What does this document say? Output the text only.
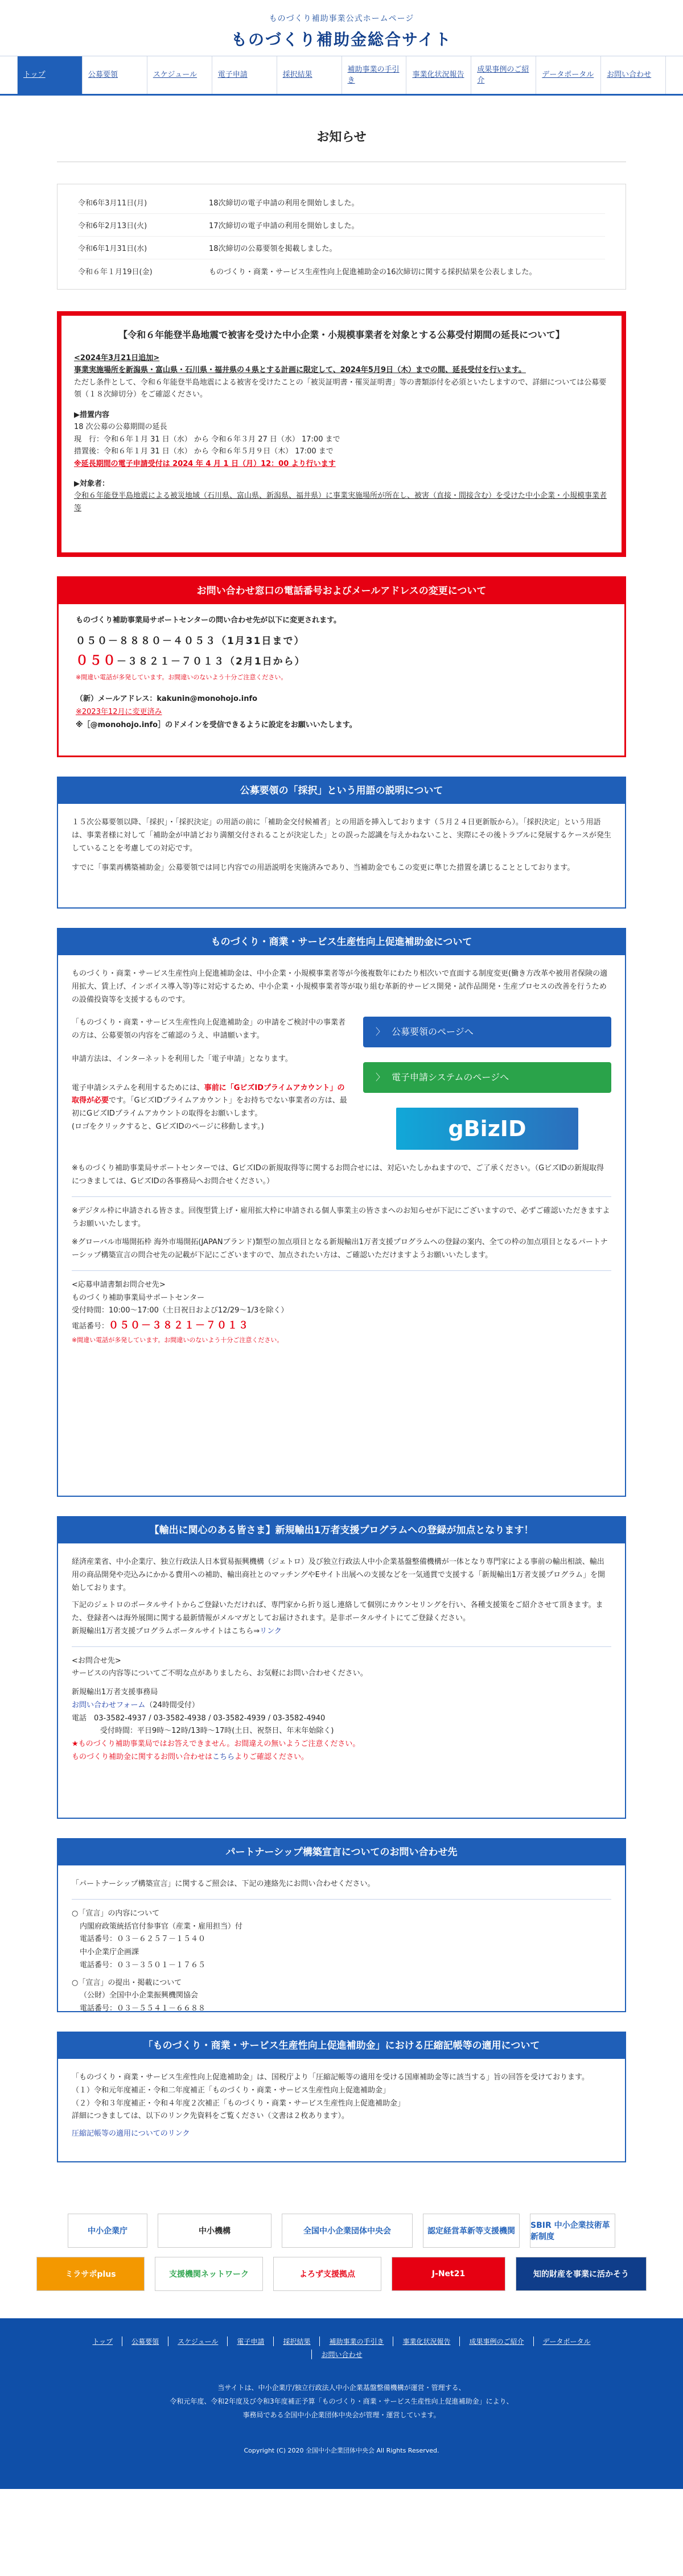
ものづくり補助事業公式ホームページ
ものづくり補助金総合サイト
トップ	公募要領	スケジュール	電子申請	採択結果
補助事業の手引き
事業化状況報告
成果事例のご紹介
データポータル	お問い合わせ
お知らせ
令和6年3月11日(月)	18次締切の電子申請の利用を開始しました。
令和6年2月13日(火)	17次締切の電子申請の利用を開始しました。
令和6年1月31日(水)	18次締切の公募要領を掲載しました。
令和６年１月19日(金)	ものづくり・商業・サービス生産性向上促進補助金の16次締切に関する採択結果を公表しました。
【令和６年能登半島地震で被害を受けた中小企業・小規模事業者を対象とする公募受付期間の延長について】

<2024年3月21日追加>

事業実施場所を新潟県・富山県・石川県・福井県の４県とする計画に限定して、2024年5月9日（木）までの間、延長受付を行います。

ただし条件として、令和６年能登半島地震による被害を受けたことの「被災証明書・罹災証明書」等の書類添付を必須といたしますので、詳細については公募要領（１８次締切分）をご確認ください。

▶措置内容

18 次公募の公募期間の延長

現　行：令和６年１月 31 日（水） から 令和６年３月 27 日（水） 17:00 まで

措置後：令和６年１月 31 日（水） から 令和６年５月９日（木） 17:00 まで

※延長期間の電子申請受付は 2024 年 4 月 1 日（月）12：00 より行います

▶対象者：

令和６年能登半島地震による被災地域（石川県、富山県、新潟県、福井県）に事業実施場所が所在し、被害（直接・間接含む）を受けた中小企業・小規模事業者等

お問い合わせ窓口の電話番号およびメールアドレスの変更について

ものづくり補助事業局サポートセンターの問い合わせ先が以下に変更されます。

０５０－８８８０－４０５３（1月31日まで）

０５０－３８２１－７０１３（2月1日から）

※間違い電話が多発しています。お間違いのないよう十分ご注意ください。

（新）メールアドレス：kakunin@monohojo.info

※2023年12月に変更済み

※［@monohojo.info］のドメインを受信できるように設定をお願いいたします。

公募要領の「採択」という用語の説明について

１５次公募要領以降、「採択」・「採択決定」の用語の前に「補助金交付候補者」との用語を挿入しております（５月２４日更新版から）。「採択決定」という用語は、事業者様に対して「補助金が申請どおり満額交付されることが決定した」との誤った認識を与えかねないこと、実際にその後トラブルに発展するケースが発生していることを考慮しての対応です。

すでに「事業再構築補助金」公募要領では同じ内容での用語説明を実施済みであり、当補助金でもこの変更に準じた措置を講じることとしております。

ものづくり・商業・サービス生産性向上促進補助金について

ものづくり・商業・サービス生産性向上促進補助金は、中小企業・小規模事業者等が今後複数年にわたり相次いで直面する制度変更(働き方改革や被用者保険の適用拡大、賃上げ、インボイス導入等)等に対応するため、中小企業・小規模事業者等が取り組む革新的サービス開発・試作品開発・生産プロセスの改善を行うための設備投資等を支援するものです。

「ものづくり・商業・サービス生産性向上促進補助金」の申請をご検討中の事業者の方は、公募要領の内容をご確認のうえ、申請願います。

申請方法は、インターネットを利用した「電子申請」となります。

電子申請システムを利用するためには、事前に「GビズIDプライムアカウント」の取得が必要です。「GビズIDプライムアカウント」をお持ちでない事業者の方は、最初にGビズIDプライムアカウントの取得をお願いします。

(ロゴをクリックすると、GビズIDのページに移動します。)

〉 公募要領のページへ
〉 電子申請システムのページへ
gBizID

※ものづくり補助事業局サポートセンターでは、GビズIDの新規取得等に関するお問合せには、対応いたしかねますので、ご了承ください。（GビズIDの新規取得につきましては、GビズIDの各事務局へお問合せください。）

※デジタル枠に申請される皆さま。回復型賃上げ・雇用拡大枠に申請される個人事業主の皆さまへのお知らせが下記にございますので、必ずご確認いただきますようお願いいたします。

※グローバル市場開拓枠 海外市場開拓(JAPANブランド)類型の加点項目となる新規輸出1万者支援プログラムへの登録の案内、全ての枠の加点項目となるパートナーシップ構築宣言の問合せ先の記載が下記にございますので、加点されたい方は、ご確認いただけますようお願いいたします。

<応募申請書類お問合せ先>

ものづくり補助事業局サポートセンター

受付時間：10:00〜17:00（土日祝日および12/29〜1/3を除く）

電話番号：０５０－３８２１－７０１３

※間違い電話が多発しています。お間違いのないよう十分ご注意ください。

【輸出に関心のある皆さま】新規輸出1万者支援プログラムへの登録が加点となります！

経済産業省、中小企業庁、独立行政法人日本貿易振興機構（ジェトロ）及び独立行政法人中小企業基盤整備機構が一体となり専門家による事前の輸出相談、輸出用の商品開発や売込みにかかる費用への補助、輸出商社とのマッチングやEサイト出展への支援などを一気通貫で支援する「新規輸出1万者支援プログラム」を開始しております。

下記のジェトロのポータルサイトからご登録いただければ、専門家から折り返し連絡して個別にカウンセリングを行い、各種支援策をご紹介させて頂きます。また、登録者へは海外展開に関する最新情報がメルマガとしてお届けされます。是非ポータルサイトにてご登録ください。

新規輸出1万者支援プログラムポータルサイトはこちら⇒リンク

<お問合せ先>

サービスの内容等についてご不明な点がありましたら、お気軽にお問い合わせください。

新規輸出1万者支援事務局

お問い合わせフォーム（24時間受付）

電話　03-3582-4937 / 03-3582-4938 / 03-3582-4939 / 03-3582-4940

受付時間：平日9時〜12時/13時〜17時(土日、祝祭日、年末年始除く)

★ものづくり補助事業局ではお答えできません。お間違えの無いようご注意ください。

ものづくり補助金に関するお問い合わせはこちらよりご確認ください。

パートナーシップ構築宣言についてのお問い合わせ先

「パートナーシップ構築宣言」に関するご照会は、下記の連絡先にお問い合わせください。

○「宣言」の内容について

内閣府政策統括官付参事官（産業・雇用担当）付

電話番号：０３－６２５７－１５４０

中小企業庁企画課

電話番号：０３－３５０１－１７６５

○「宣言」の提出・掲載について

（公財）全国中小企業振興機関協会

電話番号：０３－５５４１－６６８８

「ものづくり・商業・サービス生産性向上促進補助金」における圧縮記帳等の適用について

「ものづくり・商業・サービス生産性向上促進補助金」は、国税庁より「圧縮記帳等の適用を受ける国庫補助金等に該当する」旨の回答を受けております。

（１）令和元年度補正・令和二年度補正「ものづくり・商業・サービス生産性向上促進補助金」

（２）令和３年度補正・令和４年度２次補正「ものづくり・商業・サービス生産性向上促進補助金」

詳細につきましては、以下のリンク先資料をご覧ください（文書は２枚あります）。

圧縮記帳等の適用についてのリンク
中小企業庁	中小機構	全国中小企業団体中央会	認定経営革新等支援機関
SBIR 中小企業技術革新制度
ミラサポplus	支援機関ネットワーク	よろず支援拠点	J-Net21	知的財産を事業に活かそう
トップ	公募要領	スケジュール	電子申請	採択結果	補助事業の手引き	事業化状況報告	成果事例のご紹介	データポータル
お問い合わせ
当サイトは、中小企業庁/独立行政法人中小企業基盤整備機構が運営・管理する、
令和元年度、令和2年度及び令和3年度補正予算「ものづくり・商業・サービス生産性向上促進補助金」により、
事務局である全国中小企業団体中央会が管理・運営しています。
Copyright (C) 2020 全国中小企業団体中央会 All Rights Reserved.
